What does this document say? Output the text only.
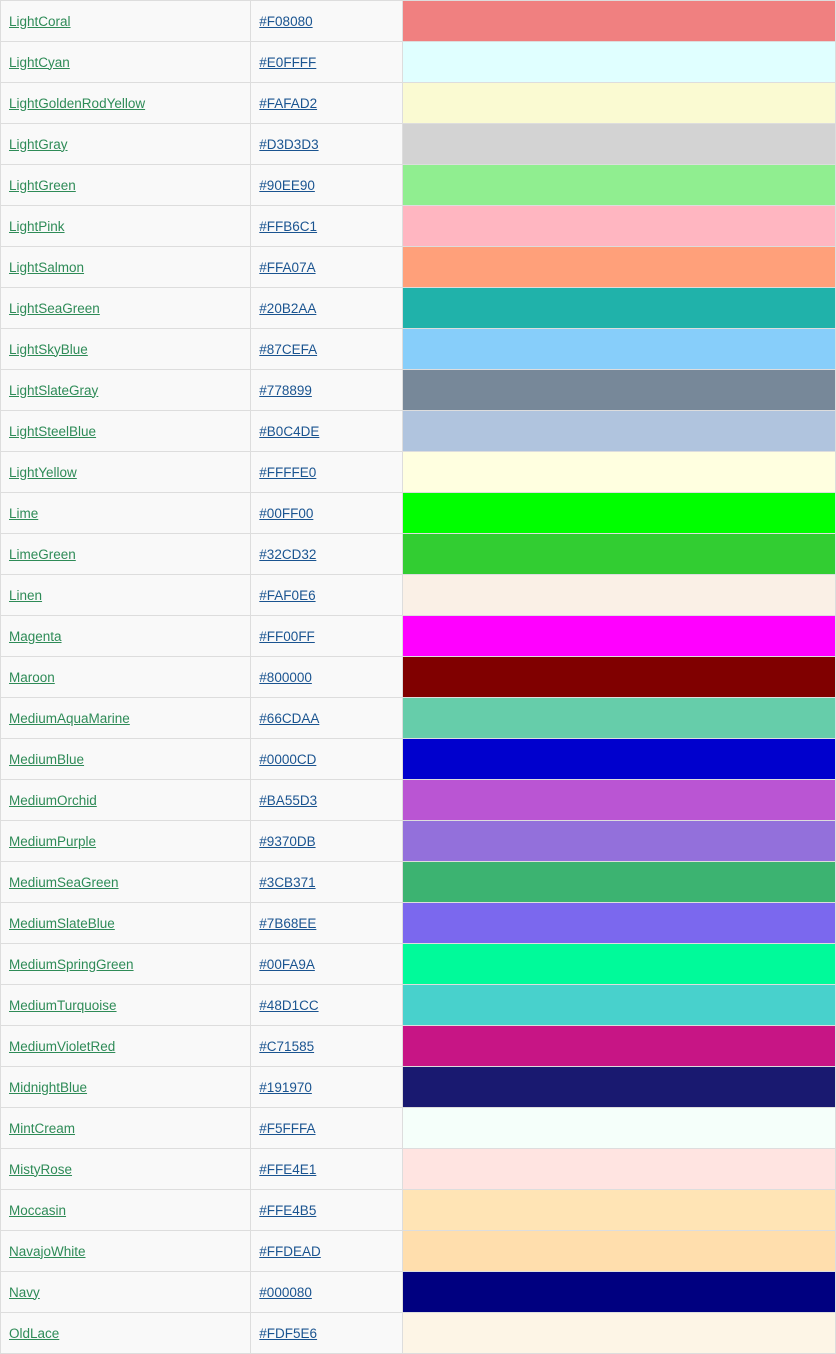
LightCoral	#F08080	
LightCyan	#E0FFFF	
LightGoldenRodYellow	#FAFAD2	
LightGray	#D3D3D3	
LightGreen	#90EE90	
LightPink	#FFB6C1	
LightSalmon	#FFA07A	
LightSeaGreen	#20B2AA	
LightSkyBlue	#87CEFA	
LightSlateGray	#778899	
LightSteelBlue	#B0C4DE	
LightYellow	#FFFFE0	
Lime	#00FF00	
LimeGreen	#32CD32	
Linen	#FAF0E6	
Magenta	#FF00FF	
Maroon	#800000	
MediumAquaMarine	#66CDAA	
MediumBlue	#0000CD	
MediumOrchid	#BA55D3	
MediumPurple	#9370DB	
MediumSeaGreen	#3CB371	
MediumSlateBlue	#7B68EE	
MediumSpringGreen	#00FA9A	
MediumTurquoise	#48D1CC	
MediumVioletRed	#C71585	
MidnightBlue	#191970	
MintCream	#F5FFFA	
MistyRose	#FFE4E1	
Moccasin	#FFE4B5	
NavajoWhite	#FFDEAD	
Navy	#000080	
OldLace	#FDF5E6	
